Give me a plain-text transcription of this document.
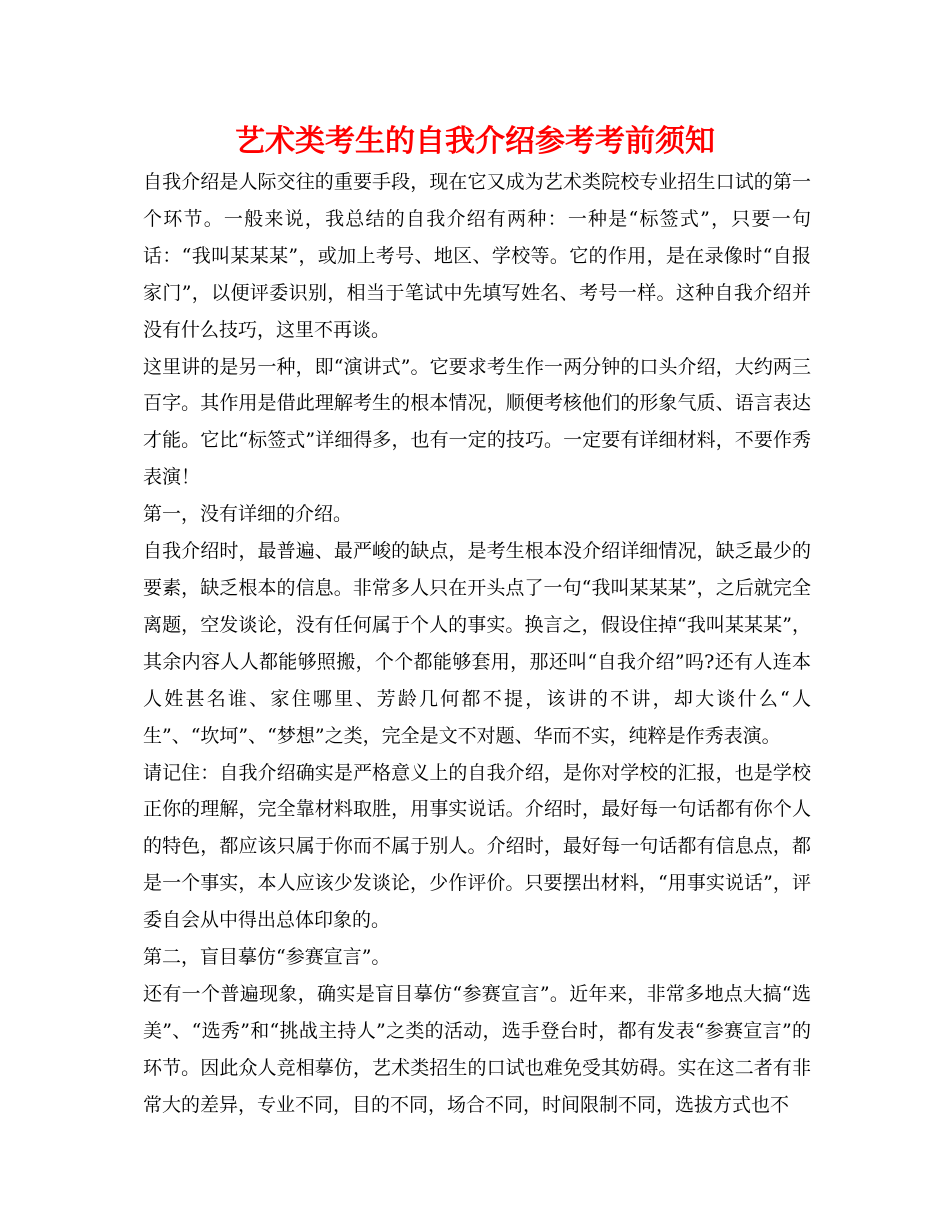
艺术类考生的自我介绍参考考前须知

自我介绍是人际交往的重要手段，现在它又成为艺术类院校专业招生口试的第一个环节。一般来说，我总结的自我介绍有两种：一种是“标签式”，只要一句话：“我叫某某某”，或加上考号、地区、学校等。它的作用，是在录像时“自报家门”，以便评委识别，相当于笔试中先填写姓名、考号一样。这种自我介绍并没有什么技巧，这里不再谈。

这里讲的是另一种，即“演讲式”。它要求考生作一两分钟的口头介绍，大约两三百字。其作用是借此理解考生的根本情况，顺便考核他们的形象气质、语言表达才能。它比“标签式”详细得多，也有一定的技巧。一定要有详细材料，不要作秀表演！

第一，没有详细的介绍。

自我介绍时，最普遍、最严峻的缺点，是考生根本没介绍详细情况，缺乏最少的要素，缺乏根本的信息。非常多人只在开头点了一句“我叫某某某”，之后就完全离题，空发谈论，没有任何属于个人的事实。换言之，假设住掉“我叫某某某”，其余内容人人都能够照搬，个个都能够套用，那还叫“自我介绍”吗?还有人连本人姓甚名谁、家住哪里、芳龄几何都不提，该讲的不讲，却大谈什么“人生”、“坎坷”、“梦想”之类，完全是文不对题、华而不实，纯粹是作秀表演。

请记住：自我介绍确实是严格意义上的自我介绍，是你对学校的汇报，也是学校正你的理解，完全靠材料取胜，用事实说话。介绍时，最好每一句话都有你个人的特色，都应该只属于你而不属于别人。介绍时，最好每一句话都有信息点，都是一个事实，本人应该少发谈论，少作评价。只要摆出材料，“用事实说话”，评委自会从中得出总体印象的。

第二，盲目摹仿“参赛宣言”。

还有一个普遍现象，确实是盲目摹仿“参赛宣言”。近年来，非常多地点大搞“选美”、“选秀”和“挑战主持人”之类的活动，选手登台时，都有发表“参赛宣言”的环节。因此众人竞相摹仿，艺术类招生的口试也难免受其妨碍。实在这二者有非常大的差异，专业不同，目的不同，场合不同，时间限制不同，选拔方式也不
